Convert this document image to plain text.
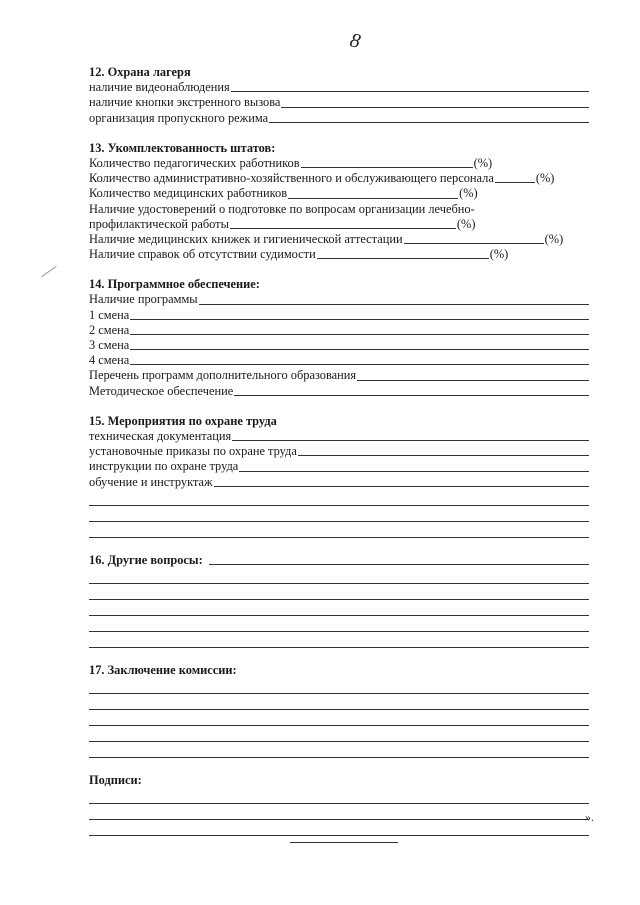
8

12. Охрана лагеря

наличие видеонаблюдения
наличие кнопки экстренного вызова
организация пропускного режима

13. Укомплектованность штатов:

Количество педагогических работников	(%)
Количество административно-хозяйственного и обслуживающего персонала	(%)
Количество медицинских работников	(%)
Наличие удостоверений о подготовке по вопросам организации лечебно-
профилактической работы	(%)
Наличие медицинских книжек и гигиенической аттестации	(%)
Наличие справок об отсутствии судимости	(%)

14. Программное обеспечение:

Наличие программы
1 смена
2 смена
3 смена
4 смена
Перечень программ дополнительного образования
Методическое обеспечение

15. Мероприятия по охране труда

техническая документация
установочные приказы по охране труда
инструкции по охране труда
обучение и инструктаж
16. Другие вопросы:

17. Заключение комиссии:

Подписи:

».
